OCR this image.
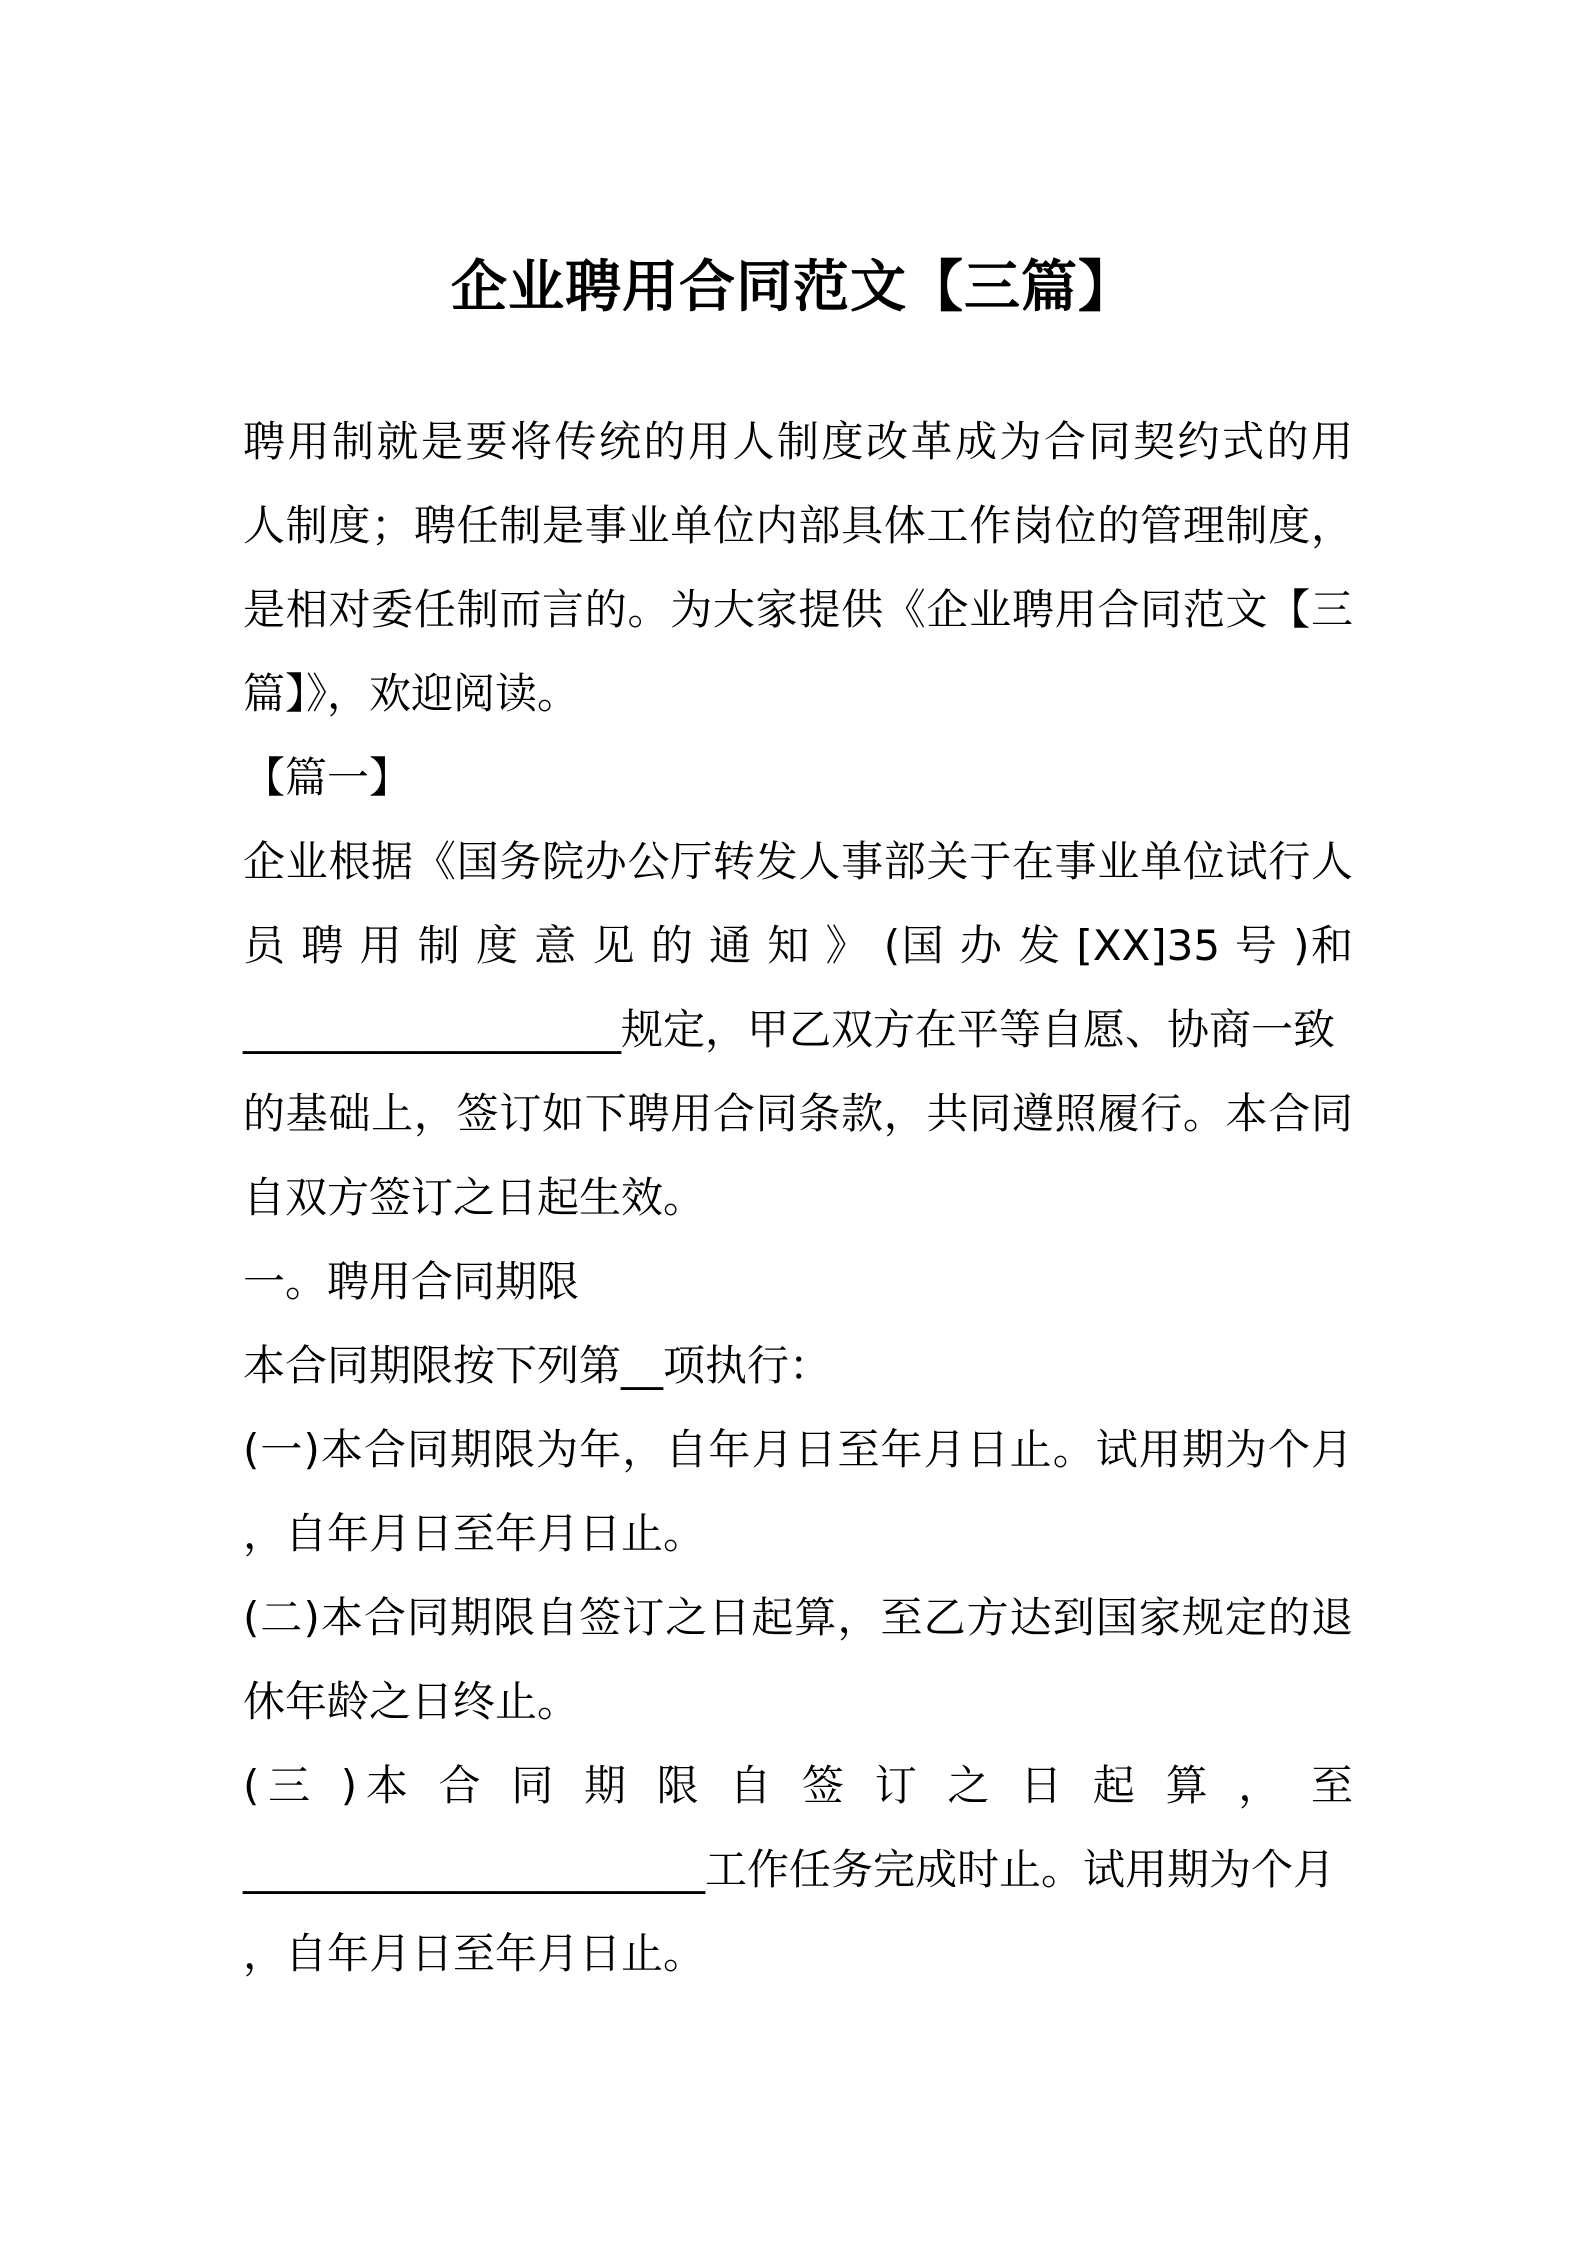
企业聘用合同范文【三篇】

聘用制就是要将传统的用人制度改革成为合同契约式的用

人制度；聘任制是事业单位内部具体工作岗位的管理制度，

是相对委任制而言的。为大家提供《企业聘用合同范文【三

篇】》，欢迎阅读。

【篇一】

企业根据《国务院办公厅转发人事部关于在事业单位试行人

员 聘 用 制 度 意 见 的 通 知 》 (国 办 发 [XX]35 号 )和

__________________规定，甲乙双方在平等自愿、协商一致

的基础上，签订如下聘用合同条款，共同遵照履行。本合同

自双方签订之日起生效。

一。聘用合同期限

本合同期限按下列第__项执行：

(一)本合同期限为年，自年月日至年月日止。试用期为个月

，自年月日至年月日止。

(二)本合同期限自签订之日起算，至乙方达到国家规定的退

休年龄之日终止。

(三 )本 合 同 期 限 自 签 订 之 日 起 算 ， 至

______________________工作任务完成时止。试用期为个月

，自年月日至年月日止。
